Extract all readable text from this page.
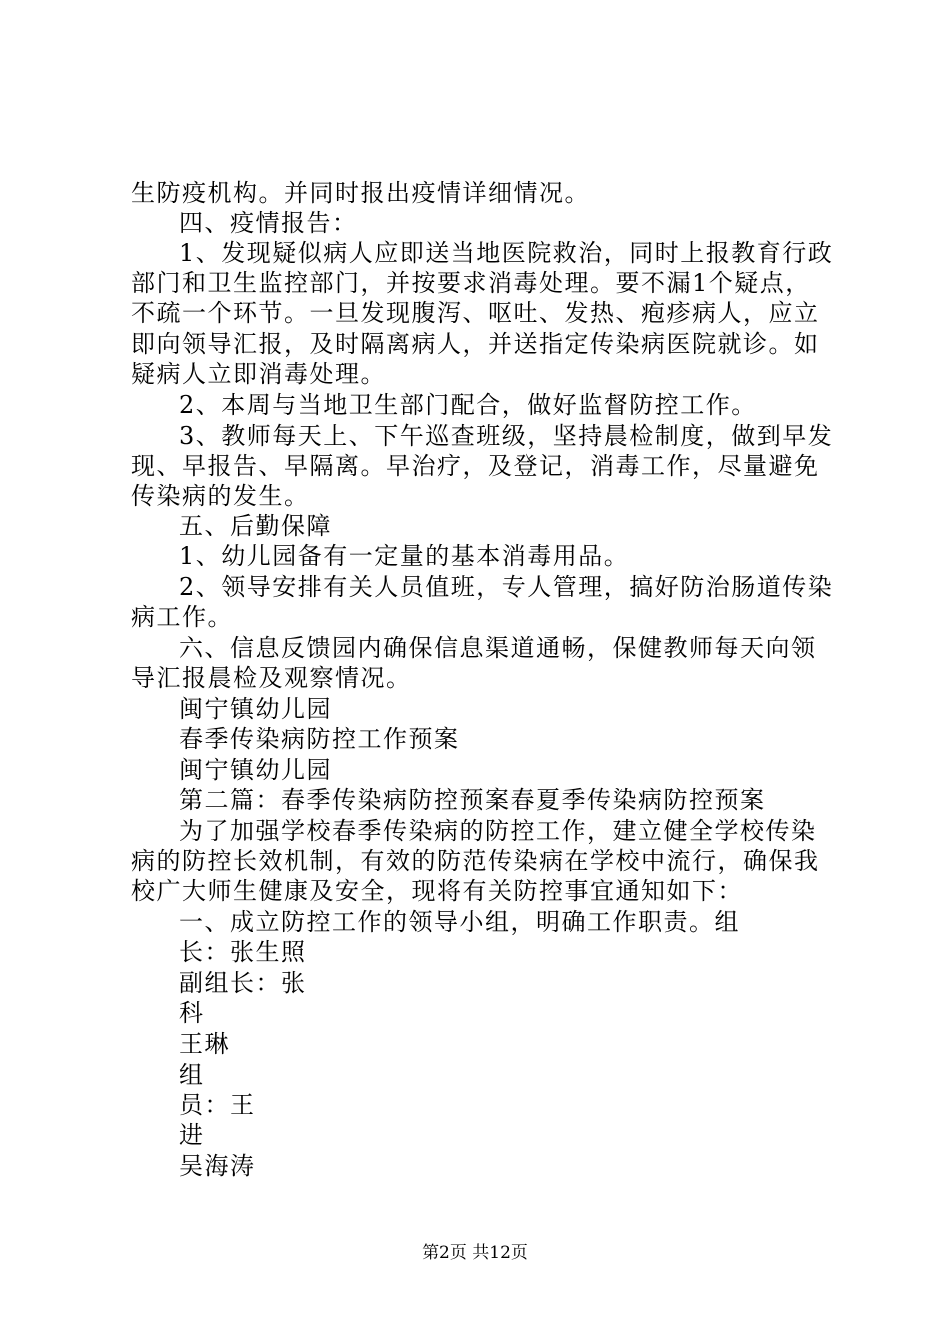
生防疫机构。并同时报出疫情详细情况。
四、疫情报告：
1、发现疑似病人应即送当地医院救治，同时上报教育行政
部门和卫生监控部门，并按要求消毒处理。要不漏1个疑点，
不疏一个环节。一旦发现腹泻、呕吐、发热、疱疹病人，应立
即向领导汇报，及时隔离病人，并送指定传染病医院就诊。如
疑病人立即消毒处理。
2、本周与当地卫生部门配合，做好监督防控工作。
3、教师每天上、下午巡查班级，坚持晨检制度，做到早发
现、早报告、早隔离。早治疗，及登记，消毒工作，尽量避免
传染病的发生。
五、后勤保障
1、幼儿园备有一定量的基本消毒用品。
2、领导安排有关人员值班，专人管理，搞好防治肠道传染
病工作。
六、信息反馈园内确保信息渠道通畅，保健教师每天向领
导汇报晨检及观察情况。
闽宁镇幼儿园
春季传染病防控工作预案
闽宁镇幼儿园
第二篇：春季传染病防控预案春夏季传染病防控预案
为了加强学校春季传染病的防控工作，建立健全学校传染
病的防控长效机制，有效的防范传染病在学校中流行，确保我
校广大师生健康及安全，现将有关防控事宜通知如下：
一、成立防控工作的领导小组，明确工作职责。组
长：张生照
副组长：张
科
王琳
组
员：王
进
吴海涛
第2页 共12页
